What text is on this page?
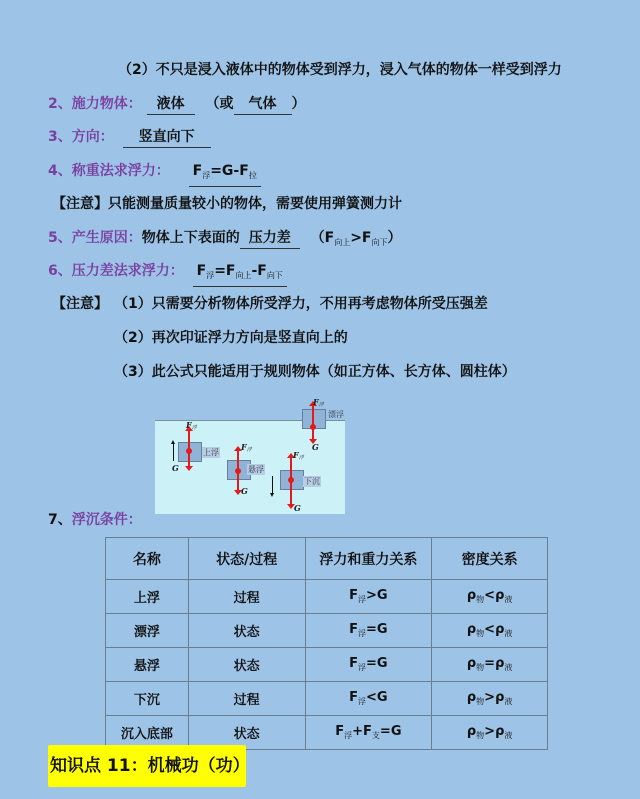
（2）不只是浸入液体中的物体受到浮力，浸入气体的物体一样受到浮力
2、施力物体： 液体 （或 气体 ）
3、方向： 竖直向下
4、称重法求浮力： $F_浮=G-F_拉$
【注意】只能测量质量较小的物体，需要使用弹簧测力计
5、产生原因：物体上下表面的 压力差 $(F_{向上}>F_{向下})$
6、压力差法求浮力： $F_浮=F_{向上}-F_{向下}$
【注意】 （1）只需要分析物体所受浮力，不用再考虑物体所受压强差
（2）再次印证浮力方向是竖直向上的
（3）此公式只能适用于规则物体（如正方体、长方体、圆柱体）
$F_浮$
G
上浮
$F_浮$
G
悬浮
$F_浮$
G
下沉
$F_浮$
G
漂浮
7、浮沉条件：
名称	状态/过程	浮力和重力关系	密度关系
上浮	过程	$F_浮>G$	$\rho_物<\rho_液$
漂浮	状态	$F_浮=G$	$\rho_物<\rho_液$
悬浮	状态	$F_浮=G$	$\rho_物=\rho_液$
下沉	过程	$F_浮<G$	$\rho_物>\rho_液$
沉入底部	状态	$F_浮+F_支=G$	$\rho_物>\rho_液$
知识点 11：机械功（功）
